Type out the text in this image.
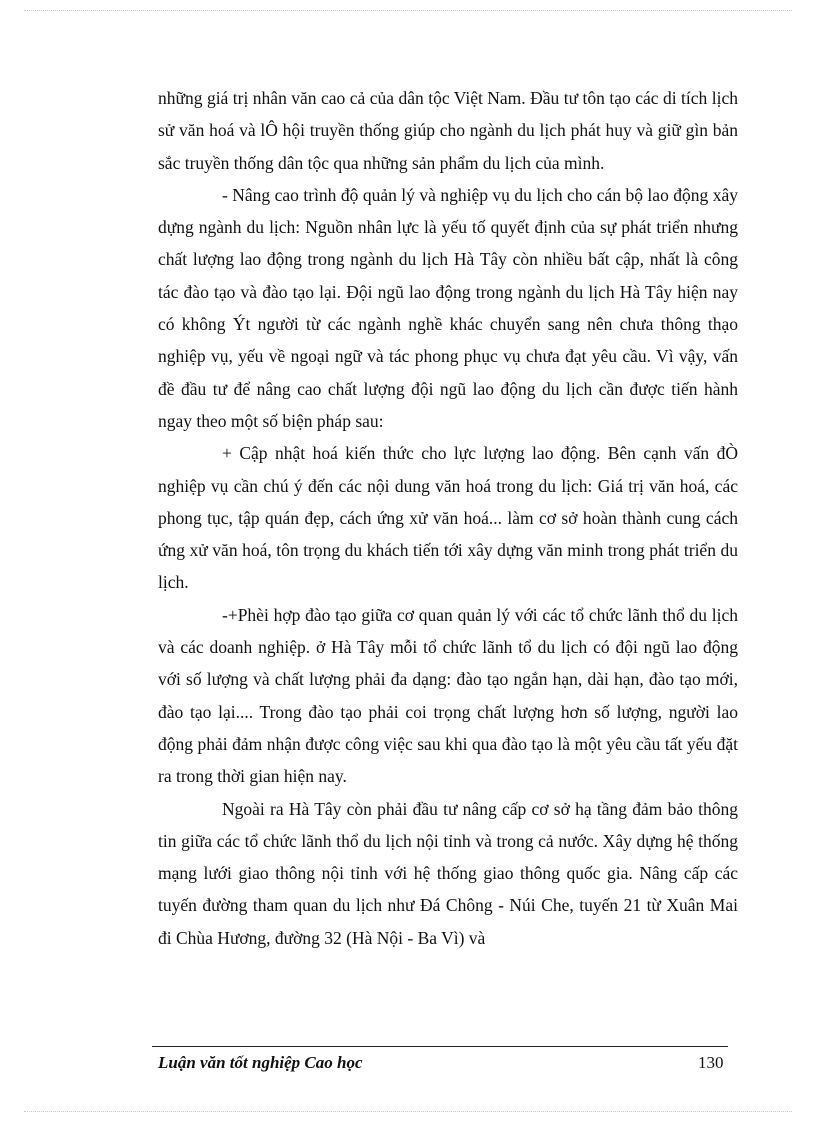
những giá trị nhân văn cao cả của dân tộc Việt Nam. Đầu tư tôn tạo các di tích lịch sử văn hoá và lÔ hội truyền thống giúp cho ngành du lịch phát huy và giữ gìn bản sắc truyền thống dân tộc qua những sản phẩm du lịch của mình.

- Nâng cao trình độ quản lý và nghiệp vụ du lịch cho cán bộ lao động xây dựng ngành du lịch: Nguồn nhân lực là yếu tố quyết định của sự phát triển nhưng chất lượng lao động trong ngành du lịch Hà Tây còn nhiều bất cập, nhất là công tác đào tạo và đào tạo lại. Đội ngũ lao động trong ngành du lịch Hà Tây hiện nay có không Ýt người từ các ngành nghề khác chuyển sang nên chưa thông thạo nghiệp vụ, yếu về ngoại ngữ và tác phong phục vụ chưa đạt yêu cầu. Vì vậy, vấn đề đầu tư để nâng cao chất lượng đội ngũ lao động du lịch cần được tiến hành ngay theo một số biện pháp sau:

+ Cập nhật hoá kiến thức cho lực lượng lao động. Bên cạnh vấn đÒ nghiệp vụ cần chú ý đến các nội dung văn hoá trong du lịch: Giá trị văn hoá, các phong tục, tập quán đẹp, cách ứng xử văn hoá... làm cơ sở hoàn thành cung cách ứng xử văn hoá, tôn trọng du khách tiến tới xây dựng văn minh trong phát triển du lịch.

-+Phèi hợp đào tạo giữa cơ quan quản lý với các tổ chức lãnh thổ du lịch và các doanh nghiệp. ở Hà Tây mỗi tổ chức lãnh tổ du lịch có đội ngũ lao động với số lượng và chất lượng phải đa dạng: đào tạo ngắn hạn, dài hạn, đào tạo mới, đào tạo lại.... Trong đào tạo phải coi trọng chất lượng hơn số lượng, người lao động phải đảm nhận được công việc sau khi qua đào tạo là một yêu cầu tất yếu đặt ra trong thời gian hiện nay.

Ngoài ra Hà Tây còn phải đầu tư nâng cấp cơ sở hạ tầng đảm bảo thông tin giữa các tổ chức lãnh thổ du lịch nội tỉnh và trong cả nước. Xây dựng hệ thống mạng lưới giao thông nội tỉnh với hệ thống giao thông quốc gia. Nâng cấp các tuyến đường tham quan du lịch như Đá Chông - Núi Che, tuyến 21 từ Xuân Mai đi Chùa Hương, đường 32 (Hà Nội - Ba Vì) và

Luận văn tốt nghiệp Cao học	130
